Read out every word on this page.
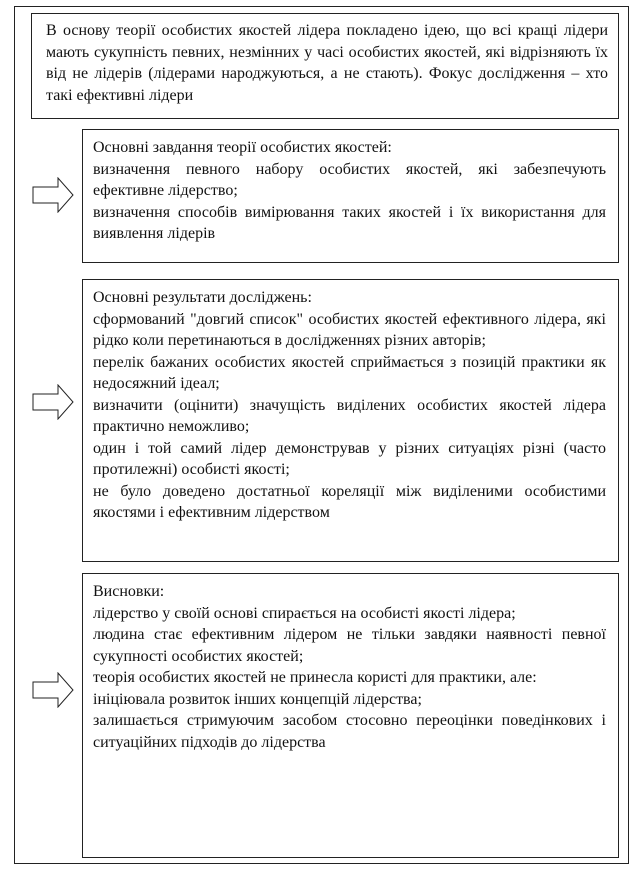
В основу теорії особистих якостей лідера покладено ідею, що всі кращі лідери мають сукупність певних, незмінних у часі особистих якостей, які відрізняють їх від не лідерів (лідерами народжуються, а не стають). Фокус дослідження – хто такі ефективні лідери

Основні завдання теорії особистих якостей:

визначення певного набору особистих якостей, які забезпечують ефективне лідерство;

визначення способів вимірювання таких якостей і їх використання для виявлення лідерів

Основні результати досліджень:

сформований "довгий список" особистих якостей ефективного лідера, які рідко коли перетинаються в дослідженнях різних авторів;

перелік бажаних особистих якостей сприймається з позицій практики як недосяжний ідеал;

визначити (оцінити) значущість виділених особистих якостей лідера практично неможливо;

один і той самий лідер демонстрував у різних ситуаціях різні (часто протилежні) особисті якості;

не було доведено достатньої кореляції між виділеними особистими якостями і ефективним лідерством

Висновки:

лідерство у своїй основі спирається на особисті якості лідера;

людина стає ефективним лідером не тільки завдяки наявності певної сукупності особистих якостей;

теорія особистих якостей не принесла користі для практики, але:

ініціювала розвиток інших концепцій лідерства;

залишається стримуючим засобом стосовно переоцінки поведінкових і ситуаційних підходів до лідерства
